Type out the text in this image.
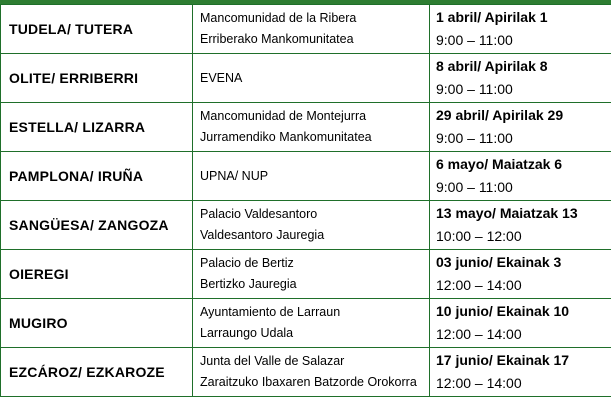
TUDELA/ TUTERA	Mancomunidad de la Ribera
Erriberako Mankomunitatea	1 abril/ Apirilak 1
9:00 – 11:00

OLITE/ ERRIBERRI	EVENA	8 abril/ Apirilak 8
9:00 – 11:00

ESTELLA/ LIZARRA	Mancomunidad de Montejurra
Jurramendiko Mankomunitatea	29 abril/ Apirilak 29
9:00 – 11:00

PAMPLONA/ IRUÑA	UPNA/ NUP	6 mayo/ Maiatzak 6
9:00 – 11:00

SANGÜESA/ ZANGOZA	Palacio Valdesantoro
Valdesantoro Jauregia	13 mayo/ Maiatzak 13
10:00 – 12:00

OIEREGI	Palacio de Bertiz
Bertizko Jauregia	03 junio/ Ekainak 3
12:00 – 14:00

MUGIRO	Ayuntamiento de Larraun
Larraungo Udala	10 junio/ Ekainak 10
12:00 – 14:00

EZCÁROZ/ EZKAROZE	Junta del Valle de Salazar
Zaraitzuko Ibaxaren Batzorde Orokorra	17 junio/ Ekainak 17
12:00 – 14:00
